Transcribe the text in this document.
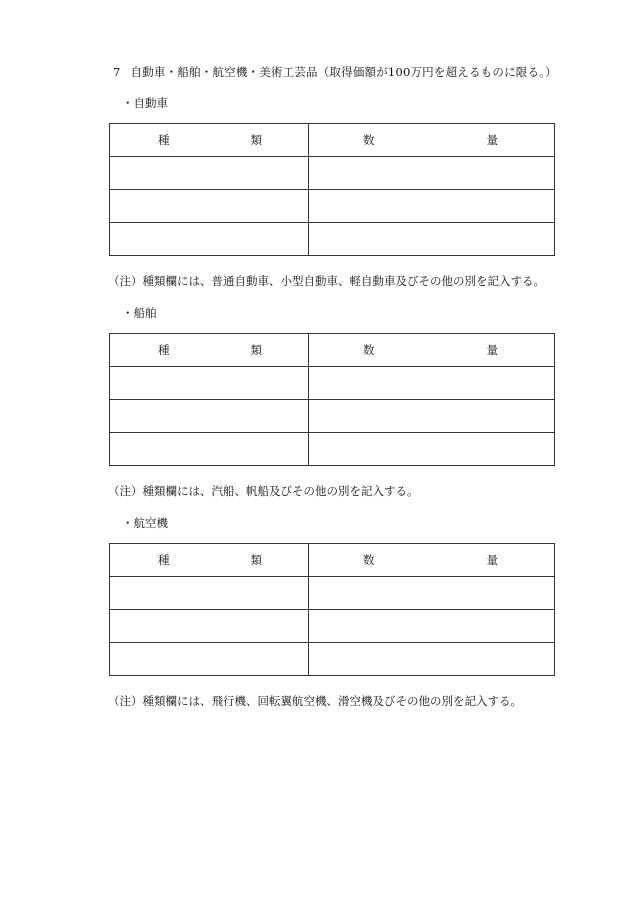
7 自動車・船舶・航空機・美術工芸品（取得価額が100万円を超えるものに限る。）
・自動車
種 類	数 量

（注）種類欄には、普通自動車、小型自動車、軽自動車及びその他の別を記入する。
・船舶
種 類	数 量

（注）種類欄には、汽船、帆船及びその他の別を記入する。
・航空機
種 類	数 量

（注）種類欄には、飛行機、回転翼航空機、滑空機及びその他の別を記入する。
